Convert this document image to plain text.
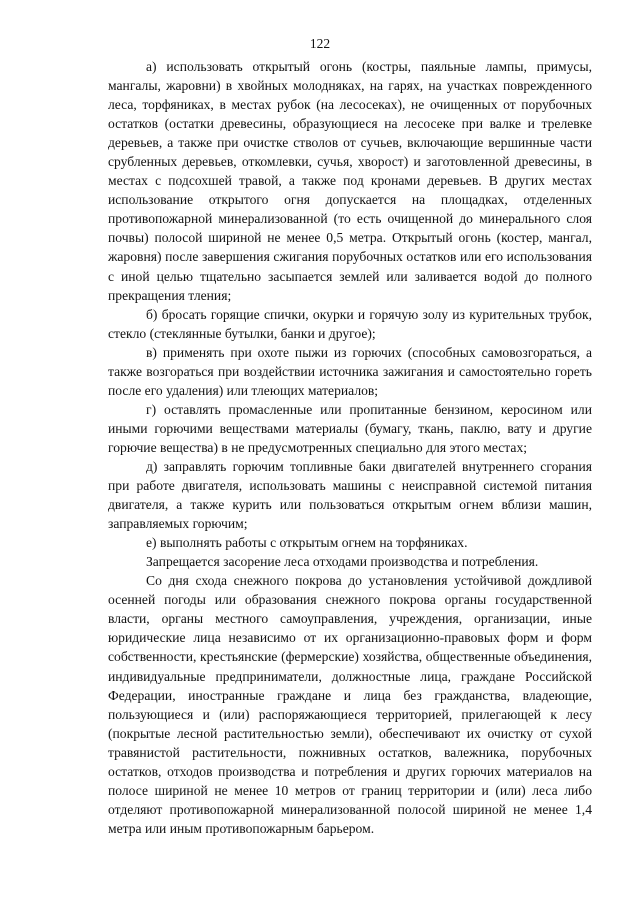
122

а) использовать открытый огонь (костры, паяльные лампы, примусы, мангалы, жаровни) в хвойных молодняках, на гарях, на участках поврежденного леса, торфяниках, в местах рубок (на лесосеках), не очищенных от порубочных остатков (остатки древесины, образующиеся на лесосеке при валке и трелевке деревьев, а также при очистке стволов от сучьев, включающие вершинные части срубленных деревьев, откомлевки, сучья, хворост) и заготовленной древесины, в местах с подсохшей травой, а также под кронами деревьев. В других местах использование открытого огня допускается на площадках, отделенных противопожарной минерализованной (то есть очищенной до минерального слоя почвы) полосой шириной не менее 0,5 метра. Открытый огонь (костер, мангал, жаровня) после завершения сжигания порубочных остатков или его использования с иной целью тщательно засыпается землей или заливается водой до полного прекращения тления;

б) бросать горящие спички, окурки и горячую золу из курительных трубок, стекло (стеклянные бутылки, банки и другое);

в) применять при охоте пыжи из горючих (способных самовозгораться, а также возгораться при воздействии источника зажигания и самостоятельно гореть после его удаления) или тлеющих материалов;

г) оставлять промасленные или пропитанные бензином, керосином или иными горючими веществами материалы (бумагу, ткань, паклю, вату и другие горючие вещества) в не предусмотренных специально для этого местах;

д) заправлять горючим топливные баки двигателей внутреннего сгорания при работе двигателя, использовать машины с неисправной системой питания двигателя, а также курить или пользоваться открытым огнем вблизи машин, заправляемых горючим;

е) выполнять работы с открытым огнем на торфяниках.

Запрещается засорение леса отходами производства и потребления.

Со дня схода снежного покрова до установления устойчивой дождливой осенней погоды или образования снежного покрова органы государственной власти, органы местного самоуправления, учреждения, организации, иные юридические лица независимо от их организационно-правовых форм и форм собственности, крестьянские (фермерские) хозяйства, общественные объединения, индивидуальные предприниматели, должностные лица, граждане Российской Федерации, иностранные граждане и лица без гражданства, владеющие, пользующиеся и (или) распоряжающиеся территорией, прилегающей к лесу (покрытые лесной растительностью земли), обеспечивают их очистку от сухой травянистой растительности, пожнивных остатков, валежника, порубочных остатков, отходов производства и потребления и других горючих материалов на полосе шириной не менее 10 метров от границ территории и (или) леса либо отделяют противопожарной минерализованной полосой шириной не менее 1,4 метра или иным противопожарным барьером.
